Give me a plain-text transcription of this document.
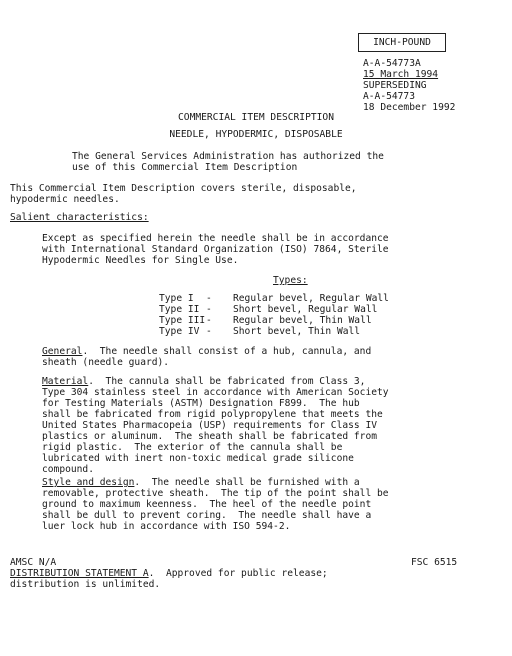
INCH-POUND
A-A-54773A
15 March 1994
SUPERSEDING
A-A-54773
18 December 1992
COMMERCIAL ITEM DESCRIPTION
NEEDLE, HYPODERMIC, DISPOSABLE
The General Services Administration has authorized the
use of this Commercial Item Description
This Commercial Item Description covers sterile, disposable,
hypodermic needles.
Salient characteristics:
Except as specified herein the needle shall be in accordance
with International Standard Organization (ISO) 7864, Sterile
Hypodermic Needles for Single Use.
Types:
Type I	-	Regular bevel, Regular Wall
Type II -	Short bevel, Regular Wall
Type III -	Regular bevel, Thin Wall
Type IV -	Short bevel, Thin Wall
General.  The needle shall consist of a hub, cannula, and
sheath (needle guard).
Material.  The cannula shall be fabricated from Class 3,
Type 304 stainless steel in accordance with American Society
for Testing Materials (ASTM) Designation F899.  The hub
shall be fabricated from rigid polypropylene that meets the
United States Pharmacopeia (USP) requirements for Class IV
plastics or aluminum.  The sheath shall be fabricated from
rigid plastic.  The exterior of the cannula shall be
lubricated with inert non-toxic medical grade silicone
compound.
Style and design.  The needle shall be furnished with a
removable, protective sheath.  The tip of the point shall be
ground to maximum keenness.  The heel of the needle point
shall be dull to prevent coring.  The needle shall have a
luer lock hub in accordance with ISO 594-2.
AMSC N/A	FSC 6515
DISTRIBUTION STATEMENT A.  Approved for public release;
distribution is unlimited.
